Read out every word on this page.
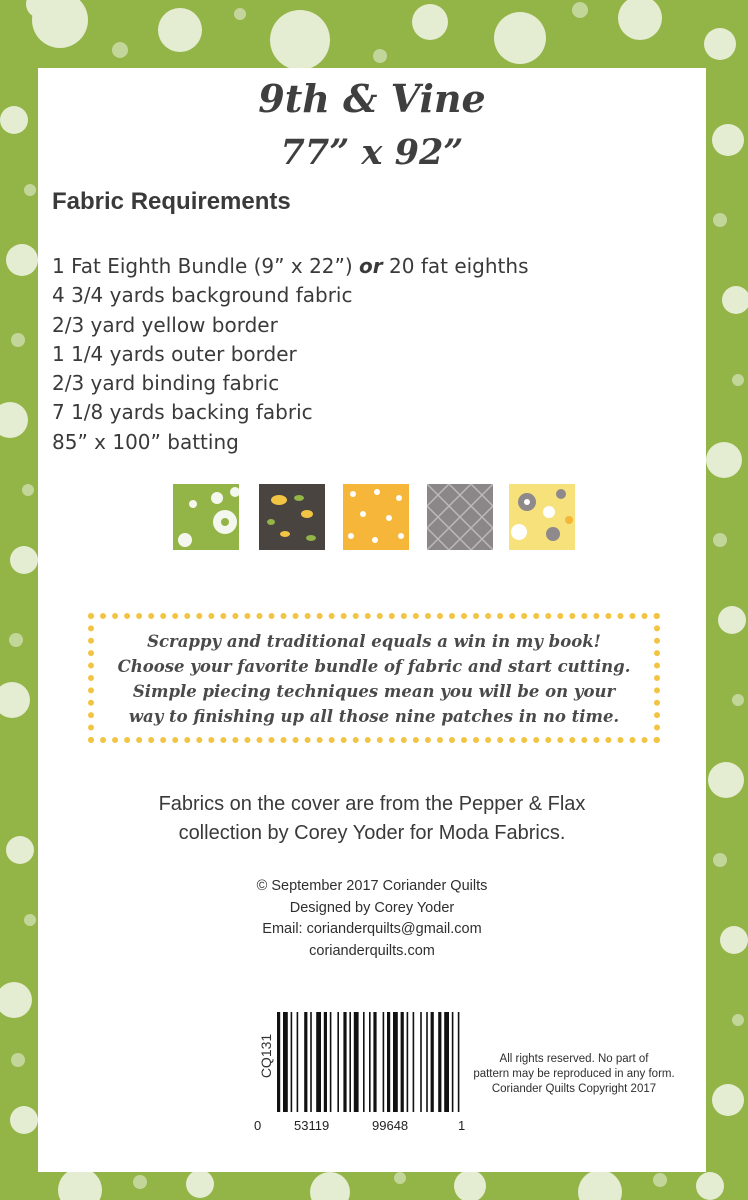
9th & Vine
77” x 92”
Fabric Requirements
1 Fat Eighth Bundle (9” x 22”) or 20 fat eighths
4 3/4 yards background fabric
2/3 yard yellow border
1 1/4 yards outer border
2/3 yard binding fabric
7 1/8 yards backing fabric
85” x 100” batting

Scrappy and traditional equals a win in my book!
Choose your favorite bundle of fabric and start cutting.
Simple piecing techniques mean you will be on your
way to finishing up all those nine patches in no time.

Fabrics on the cover are from the Pepper & Flax
collection by Corey Yoder for Moda Fabrics.

© September 2017 Coriander Quilts
Designed by Corey Yoder
Email: corianderquilts@gmail.com
corianderquilts.com
CQ131
0	53119	99648	1

All rights reserved. No part of
pattern may be reproduced in any form.
Coriander Quilts Copyright 2017
